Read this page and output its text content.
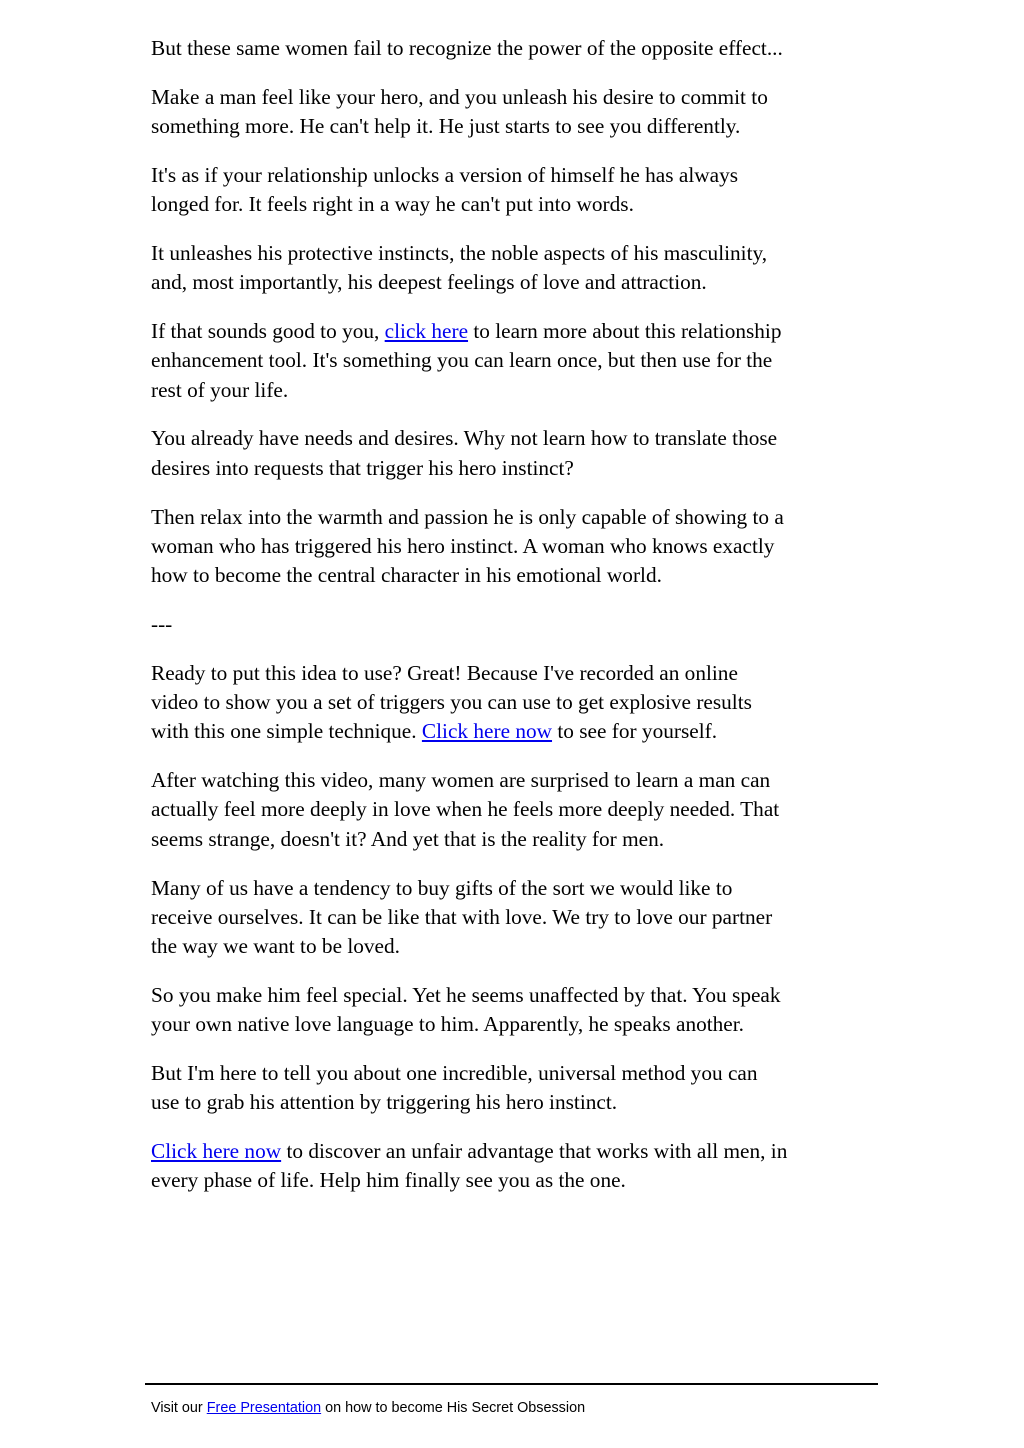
But these same women fail to recognize the power of the opposite effect...

Make a man feel like your hero, and you unleash his desire to commit to
something more. He can't help it. He just starts to see you differently.

It's as if your relationship unlocks a version of himself he has always
longed for. It feels right in a way he can't put into words.

It unleashes his protective instincts, the noble aspects of his masculinity,
and, most importantly, his deepest feelings of love and attraction.

If that sounds good to you, click here to learn more about this relationship
enhancement tool. It's something you can learn once, but then use for the
rest of your life.

You already have needs and desires. Why not learn how to translate those
desires into requests that trigger his hero instinct?

Then relax into the warmth and passion he is only capable of showing to a
woman who has triggered his hero instinct. A woman who knows exactly
how to become the central character in his emotional world.

---

Ready to put this idea to use? Great! Because I've recorded an online
video to show you a set of triggers you can use to get explosive results
with this one simple technique. Click here now to see for yourself.

After watching this video, many women are surprised to learn a man can
actually feel more deeply in love when he feels more deeply needed. That
seems strange, doesn't it? And yet that is the reality for men.

Many of us have a tendency to buy gifts of the sort we would like to
receive ourselves. It can be like that with love. We try to love our partner
the way we want to be loved.

So you make him feel special. Yet he seems unaffected by that. You speak
your own native love language to him. Apparently, he speaks another.

But I'm here to tell you about one incredible, universal method you can
use to grab his attention by triggering his hero instinct.

Click here now to discover an unfair advantage that works with all men, in
every phase of life. Help him finally see you as the one.

Visit our Free Presentation on how to become His Secret Obsession
